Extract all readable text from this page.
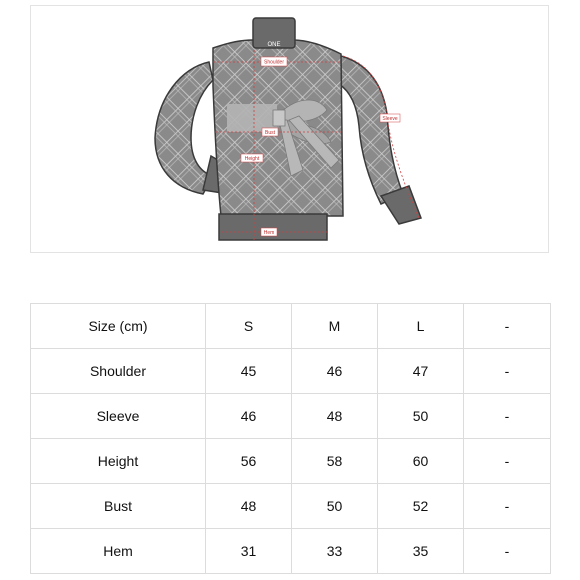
ONE
Shoulder
Bust
Height
Sleeve
Hem
Size (cm)	S	M	L	-
Shoulder	45	46	47	-
Sleeve	46	48	50	-
Height	56	58	60	-
Bust	48	50	52	-
Hem	31	33	35	-
